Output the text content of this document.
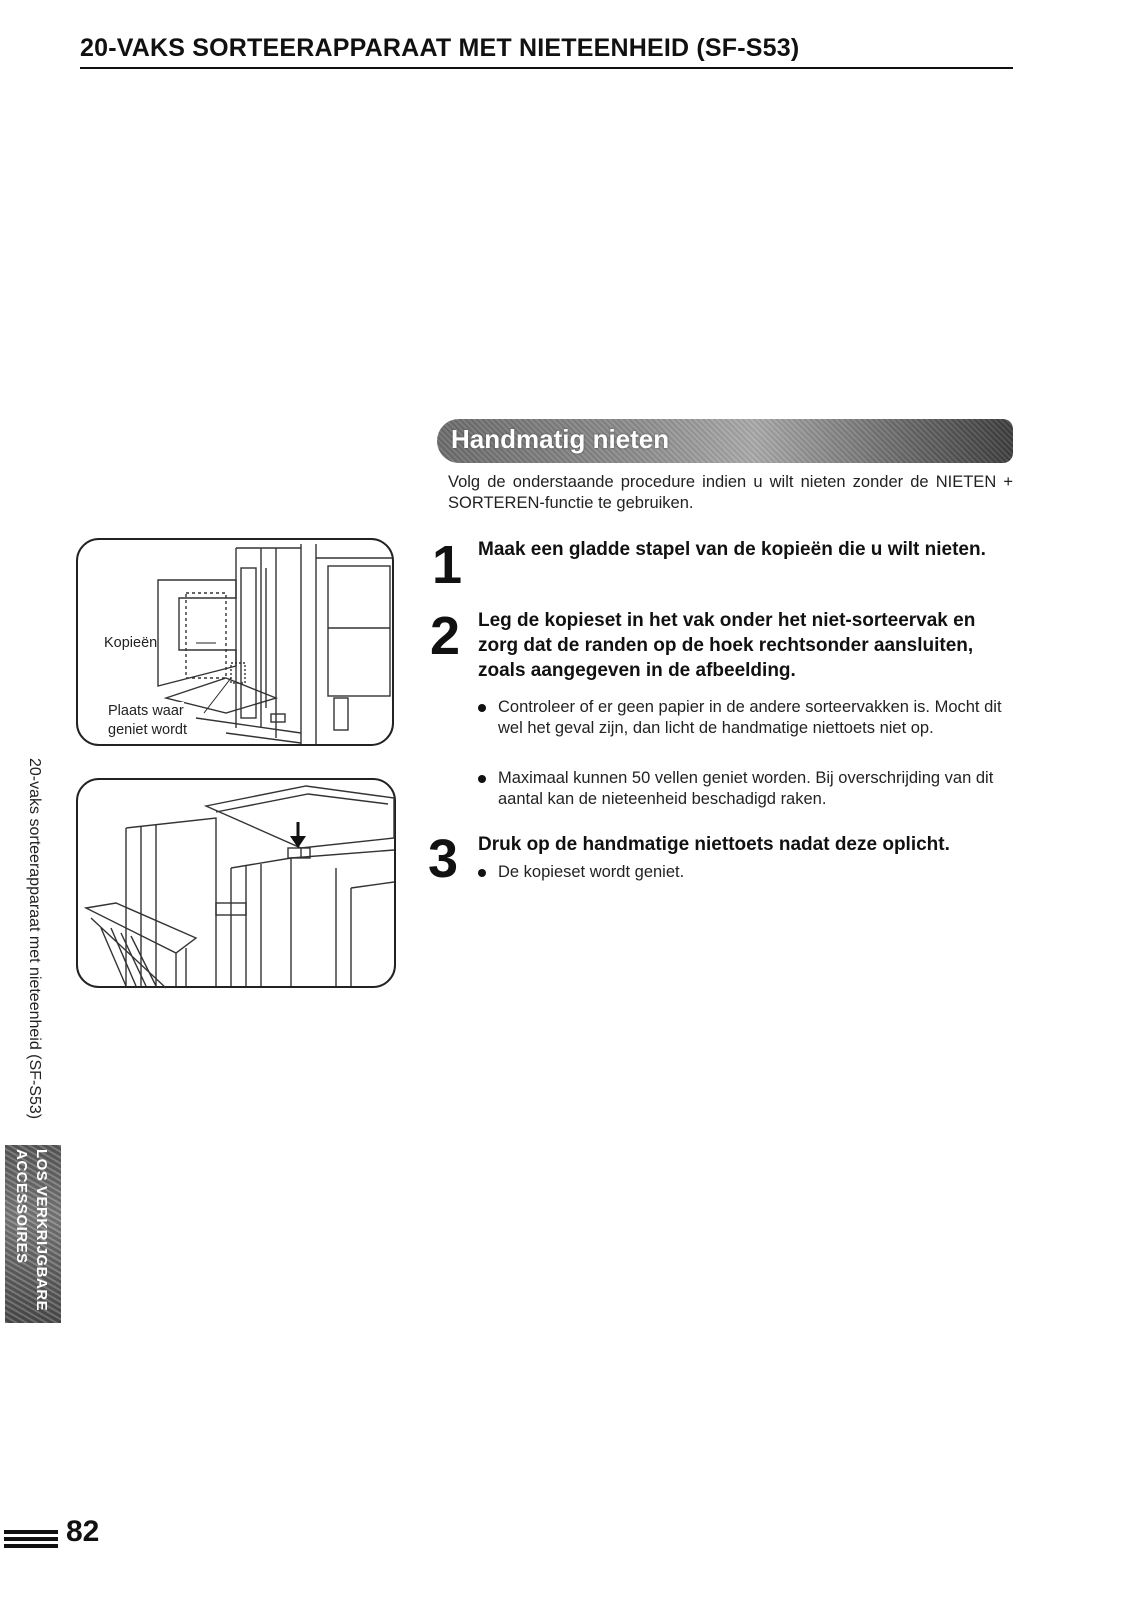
20-VAKS SORTEERAPPARAAT MET NIETEENHEID (SF-S53)
Handmatig nieten
Volg de onderstaande procedure indien u wilt nieten zonder de NIETEN + SORTEREN-functie te gebruiken.
1 Maak een gladde stapel van de kopieën die u wilt nieten.
2 Leg de kopieset in het vak onder het niet-sorteervak en zorg dat de randen op de hoek rechtsonder aansluiten, zoals aangegeven in de afbeelding.
Controleer of er geen papier in de andere sorteervakken is. Mocht dit wel het geval zijn, dan licht de handmatige niettoets niet op.
Maximaal kunnen 50 vellen geniet worden. Bij overschrijding van dit aantal kan de nieteenheid beschadigd raken.
3 Druk op de handmatige niettoets nadat deze oplicht.
De kopieset wordt geniet.
Kopieën
Plaats waar
geniet wordt
20-vaks sorteerapparaat met nieteenheid (SF-S53)
LOS VERKRIJGBARE
ACCESSOIRES
82
